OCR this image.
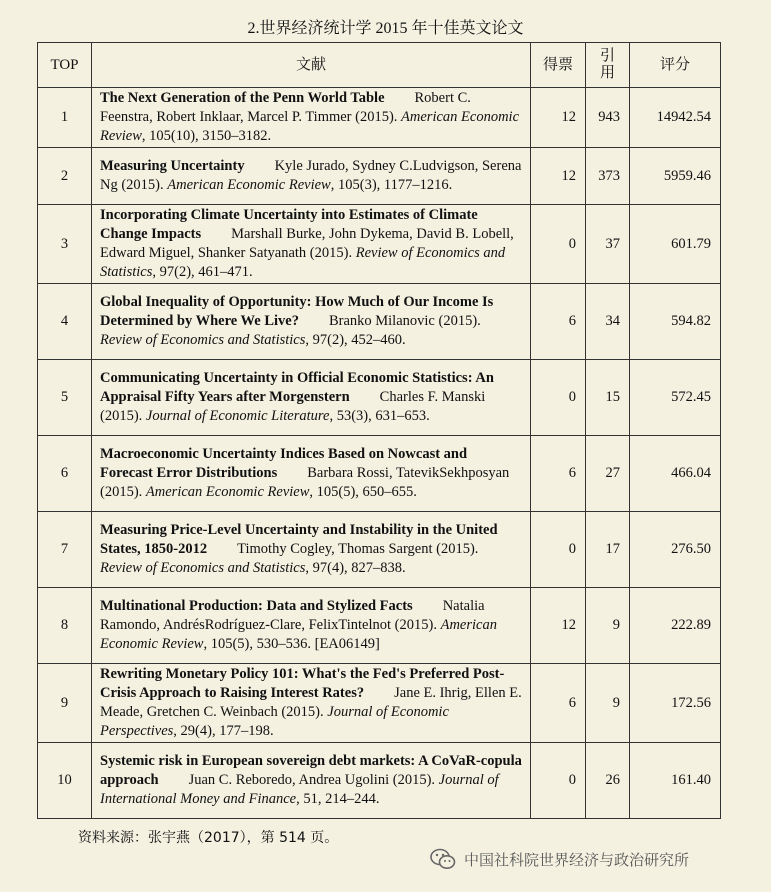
2.世界经济统计学 2015 年十佳英文论文
TOP	文献	得票	引用	评分
1	The Next Generation of the Penn World Table Robert C. Feenstra, Robert Inklaar, Marcel P. Timmer (2015). American Economic Review, 105(10), 3150–3182.	12	943	14942.54
2	Measuring Uncertainty Kyle Jurado, Sydney C.Ludvigson, Serena Ng (2015). American Economic Review, 105(3), 1177–1216.	12	373	5959.46
3	Incorporating Climate Uncertainty into Estimates of Climate Change Impacts Marshall Burke, John Dykema, David B. Lobell, Edward Miguel, Shanker Satyanath (2015). Review of Economics and Statistics, 97(2), 461–471.	0	37	601.79
4	Global Inequality of Opportunity: How Much of Our Income Is Determined by Where We Live? Branko Milanovic (2015). Review of Economics and Statistics, 97(2), 452–460.	6	34	594.82
5	Communicating Uncertainty in Official Economic Statistics: An Appraisal Fifty Years after Morgenstern Charles F. Manski (2015). Journal of Economic Literature, 53(3), 631–653.	0	15	572.45
6	Macroeconomic Uncertainty Indices Based on Nowcast and Forecast Error Distributions Barbara Rossi, TatevikSekhposyan (2015). American Economic Review, 105(5), 650–655.	6	27	466.04
7	Measuring Price-Level Uncertainty and Instability in the United States, 1850-2012 Timothy Cogley, Thomas Sargent (2015). Review of Economics and Statistics, 97(4), 827–838.	0	17	276.50
8	Multinational Production: Data and Stylized Facts Natalia Ramondo, AndrésRodríguez-Clare, FelixTintelnot (2015). American Economic Review, 105(5), 530–536. [EA06149]	12	9	222.89
9	Rewriting Monetary Policy 101: What's the Fed's Preferred Post-Crisis Approach to Raising Interest Rates? Jane E. Ihrig, Ellen E. Meade, Gretchen C. Weinbach (2015). Journal of Economic Perspectives, 29(4), 177–198.	6	9	172.56
10	Systemic risk in European sovereign debt markets: A CoVaR-copula approach Juan C. Reboredo, Andrea Ugolini (2015). Journal of International Money and Finance, 51, 214–244.	0	26	161.40
资料来源：张宇燕（2017），第 514 页。
中国社科院世界经济与政治研究所
